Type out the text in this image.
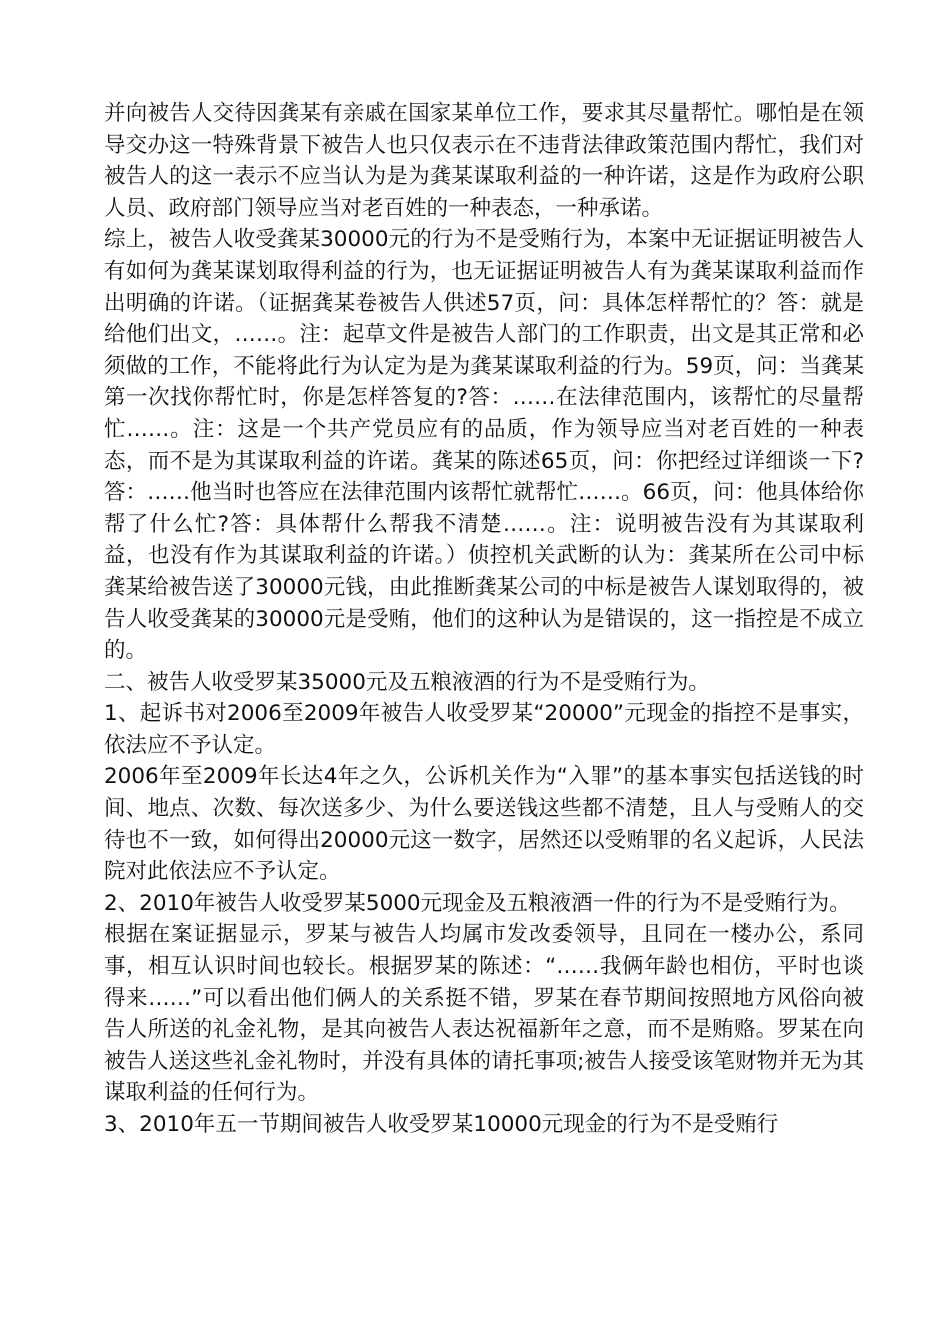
并向被告人交待因龚某有亲戚在国家某单位工作，要求其尽量帮忙。哪怕是在领导交办这一特殊背景下被告人也只仅表示在不违背法律政策范围内帮忙，我们对被告人的这一表示不应当认为是为龚某谋取利益的一种许诺，这是作为政府公职人员、政府部门领导应当对老百姓的一种表态，一种承诺。

综上，被告人收受龚某30000元的行为不是受贿行为，本案中无证据证明被告人有如何为龚某谋划取得利益的行为，也无证据证明被告人有为龚某谋取利益而作出明确的许诺。（证据龚某卷被告人供述57页，问：具体怎样帮忙的？答：就是给他们出文，……。注：起草文件是被告人部门的工作职责，出文是其正常和必须做的工作，不能将此行为认定为是为龚某谋取利益的行为。59页，问：当龚某第一次找你帮忙时，你是怎样答复的?答：……在法律范围内，该帮忙的尽量帮忙……。注：这是一个共产党员应有的品质，作为领导应当对老百姓的一种表态，而不是为其谋取利益的许诺。龚某的陈述65页，问：你把经过详细谈一下?答：……他当时也答应在法律范围内该帮忙就帮忙……。66页，问：他具体给你帮了什么忙?答：具体帮什么帮我不清楚……。注：说明被告没有为其谋取利益，也没有作为其谋取利益的许诺。）侦控机关武断的认为：龚某所在公司中标龚某给被告送了30000元钱，由此推断龚某公司的中标是被告人谋划取得的，被告人收受龚某的30000元是受贿，他们的这种认为是错误的，这一指控是不成立的。

二、被告人收受罗某35000元及五粮液酒的行为不是受贿行为。

1、起诉书对2006至2009年被告人收受罗某“20000”元现金的指控不是事实，依法应不予认定。

2006年至2009年长达4年之久，公诉机关作为“入罪”的基本事实包括送钱的时间、地点、次数、每次送多少、为什么要送钱这些都不清楚，且人与受贿人的交待也不一致，如何得出20000元这一数字，居然还以受贿罪的名义起诉，人民法院对此依法应不予认定。

2、2010年被告人收受罗某5000元现金及五粮液酒一件的行为不是受贿行为。

根据在案证据显示，罗某与被告人均属市发改委领导，且同在一楼办公，系同事，相互认识时间也较长。根据罗某的陈述：“……我俩年龄也相仿，平时也谈得来……”可以看出他们俩人的关系挺不错，罗某在春节期间按照地方风俗向被告人所送的礼金礼物，是其向被告人表达祝福新年之意，而不是贿赂。罗某在向被告人送这些礼金礼物时，并没有具体的请托事项;被告人接受该笔财物并无为其谋取利益的任何行为。

3、2010年五一节期间被告人收受罗某10000元现金的行为不是受贿行
